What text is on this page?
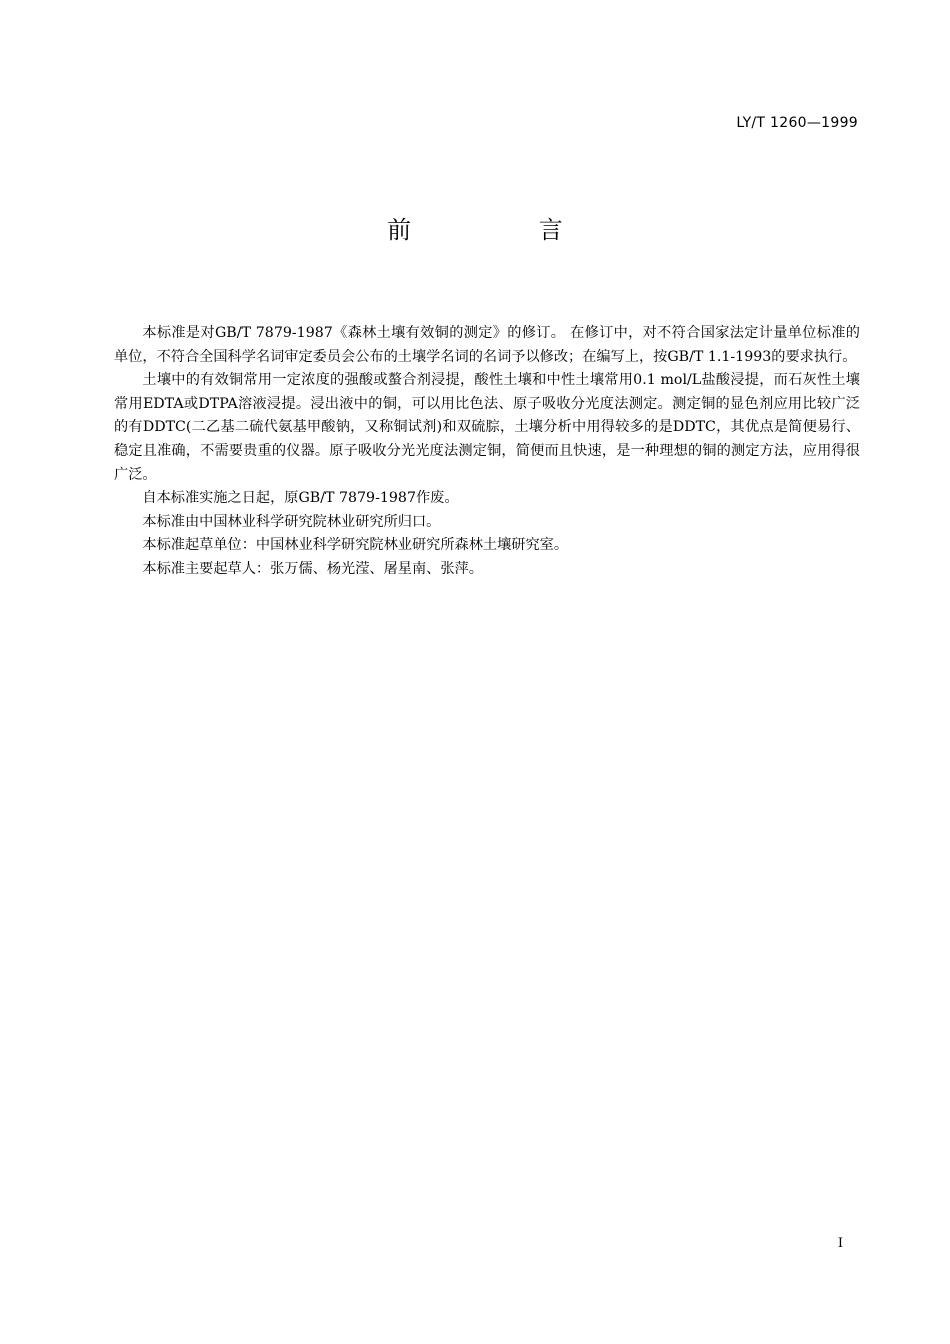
LY/T 1260—1999
前 言

本标准是对GB/T 7879-1987《森林土壤有效铜的测定》的修订。 在修订中，对不符合国家法定计量单位标准的单位，不符合全国科学名词审定委员会公布的土壤学名词的名词予以修改；在编写上，按GB/T 1.1-1993的要求执行。

土壤中的有效铜常用一定浓度的强酸或螯合剂浸提，酸性土壤和中性土壤常用0.1 mol/L盐酸浸提，而石灰性土壤常用EDTA或DTPA溶液浸提。浸出液中的铜，可以用比色法、原子吸收分光度法测定。测定铜的显色剂应用比较广泛的有DDTC(二乙基二硫代氨基甲酸钠，又称铜试剂)和双硫腙，土壤分析中用得较多的是DDTC，其优点是简便易行、稳定且准确，不需要贵重的仪器。原子吸收分光光度法测定铜，简便而且快速，是一种理想的铜的测定方法，应用得很广泛。

自本标准实施之日起，原GB/T 7879-1987作废。

本标准由中国林业科学研究院林业研究所归口。

本标准起草单位：中国林业科学研究院林业研究所森林土壤研究室。

本标准主要起草人：张万儒、杨光滢、屠星南、张萍。

I
